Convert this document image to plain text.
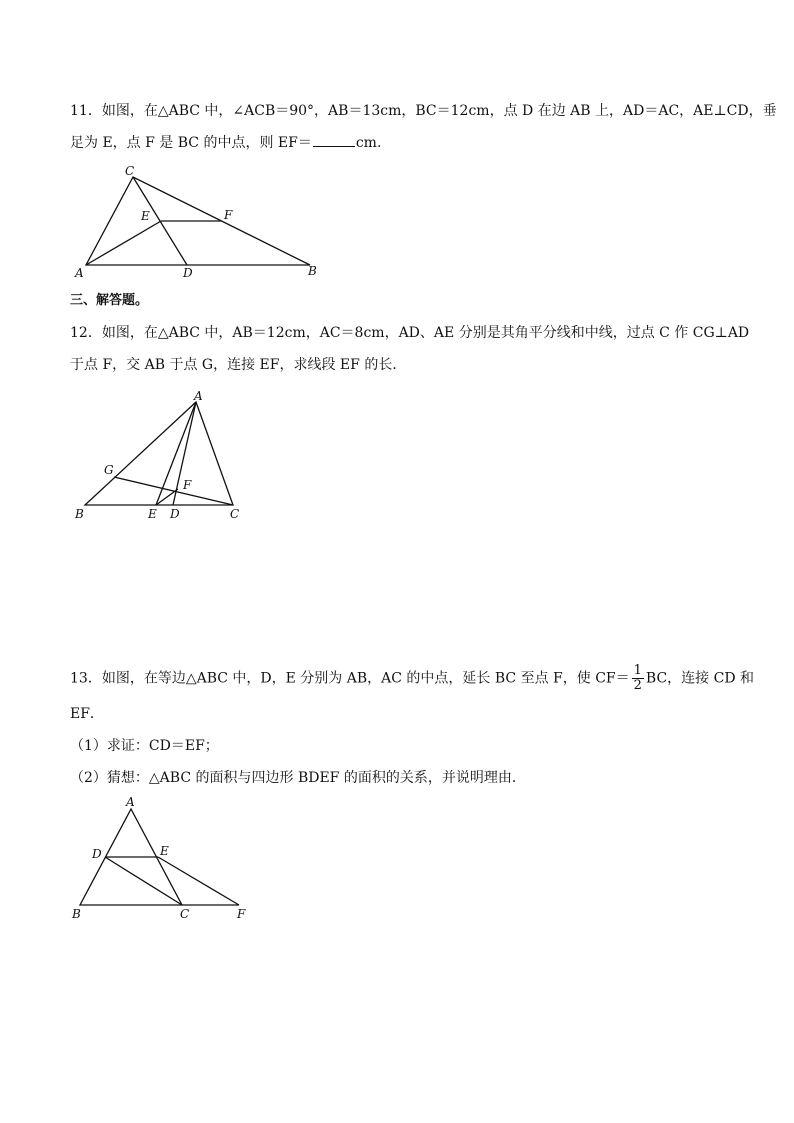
11．如图，在△ABC 中，∠ACB＝90°，AB＝13cm，BC＝12cm，点 D 在边 AB 上，AD＝AC，AE⊥CD，垂
足为 E，点 F 是 BC 的中点，则 EF＝	cm.
C
E	F
A	D	B
三、解答题。
12．如图，在△ABC 中，AB＝12cm，AC＝8cm，AD、AE 分别是其角平分线和中线，过点 C 作 CG⊥AD
于点 F，交 AB 于点 G，连接 EF，求线段 EF 的长．
A
G
F
B	E D	C
13．如图，在等边△ABC 中，D，E 分别为 AB，AC 的中点，延长 BC 至点 F，使 $CF= \frac{1}{2}$ BC，连接 CD 和
EF．
（1）求证：CD＝EF；
（2）猜想：△ABC 的面积与四边形 BDEF 的面积的关系，并说明理由．
A
D	E
B	C	F
